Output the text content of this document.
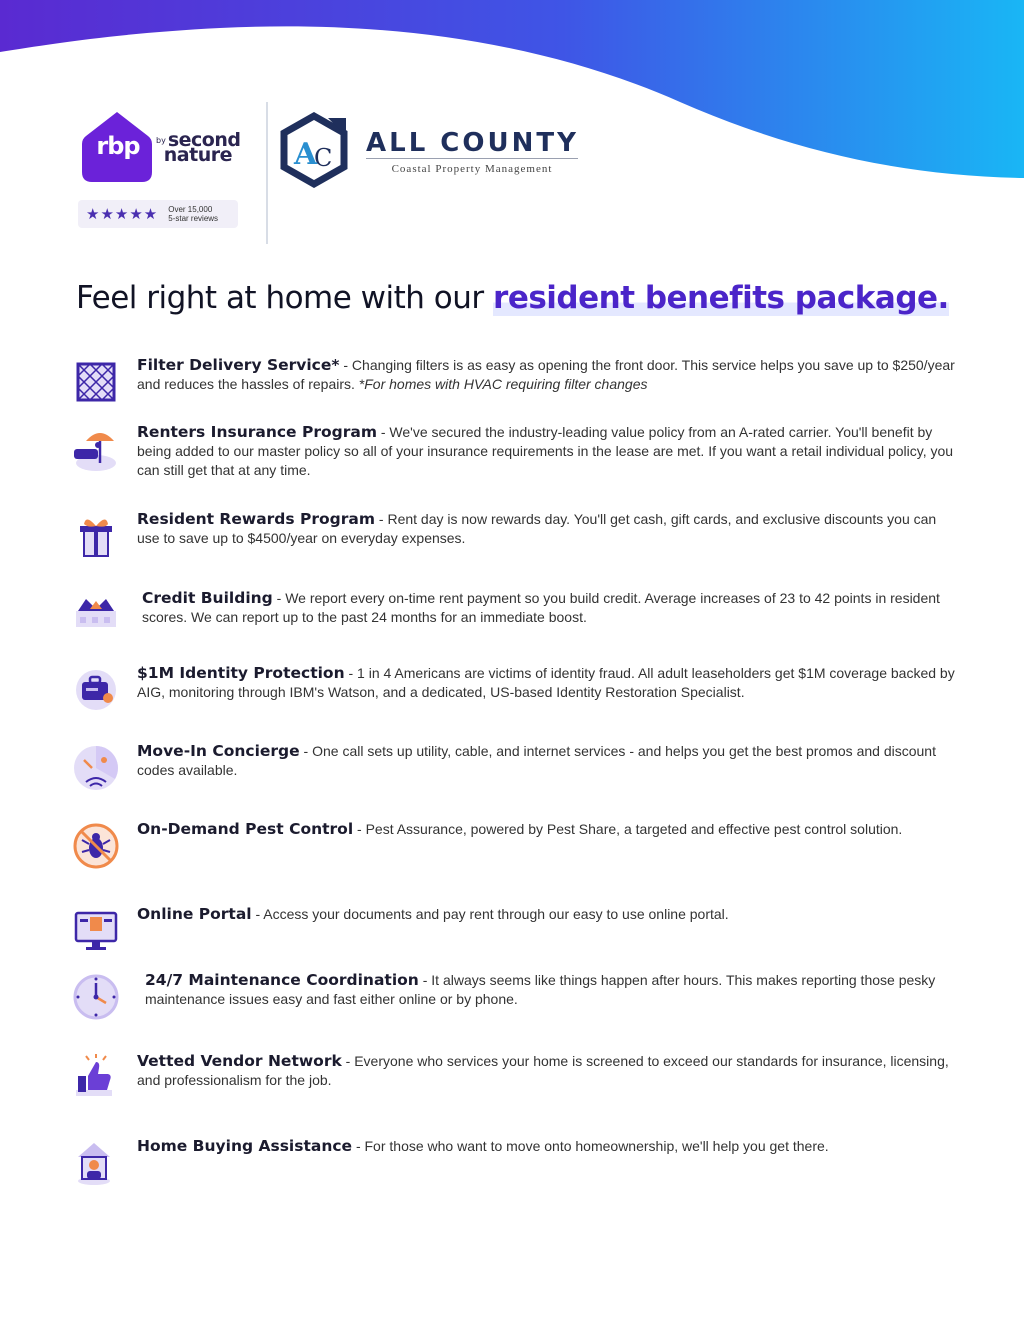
rbp	$^{by}$ second
nature
★★★★★ Over 15,000
5-star reviews
A
C ALL COUNTY
Coastal Property Management
Feel right at home with our resident benefits package.
Filter Delivery Service* - Changing filters is as easy as opening the front door. This service helps you save up to $250/year and reduces the hassles of repairs. *For homes with HVAC requiring filter changes
Renters Insurance Program - We've secured the industry-leading value policy from an A-rated carrier. You'll benefit by being added to our master policy so all of your insurance requirements in the lease are met. If you want a retail individual policy, you can still get that at any time.
Resident Rewards Program - Rent day is now rewards day. You'll get cash, gift cards, and exclusive discounts you can use to save up to $4500/year on everyday expenses.
Credit Building - We report every on-time rent payment so you build credit. Average increases of 23 to 42 points in resident scores. We can report up to the past 24 months for an immediate boost.
$1M Identity Protection - 1 in 4 Americans are victims of identity fraud. All adult leaseholders get $1M coverage backed by AIG, monitoring through IBM's Watson, and a dedicated, US-based Identity Restoration Specialist.
Move-In Concierge - One call sets up utility, cable, and internet services - and helps you get the best promos and discount codes available.
On-Demand Pest Control - Pest Assurance, powered by Pest Share, a targeted and effective pest control solution.
Online Portal - Access your documents and pay rent through our easy to use online portal.
24/7 Maintenance Coordination - It always seems like things happen after hours. This makes reporting those pesky maintenance issues easy and fast either online or by phone.
Vetted Vendor Network - Everyone who services your home is screened to exceed our standards for insurance, licensing, and professionalism for the job.
Home Buying Assistance - For those who want to move onto homeownership, we'll help you get there.
